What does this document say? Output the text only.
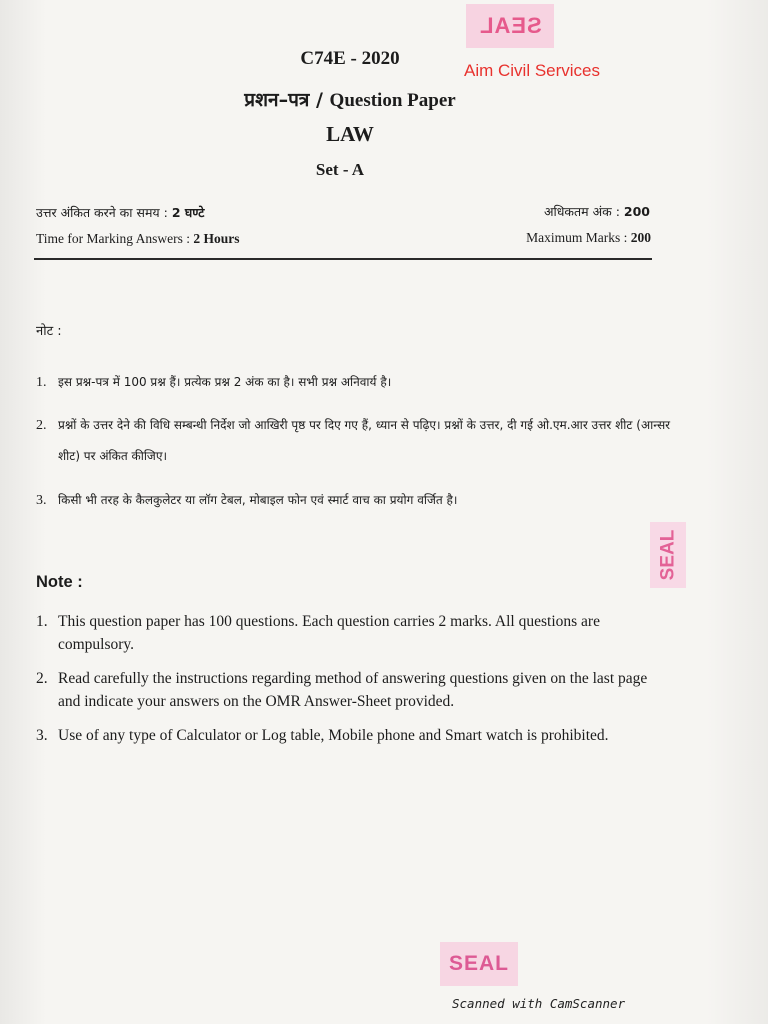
SEAL
C74E - 2020
Aim Civil Services
प्रशन–पत्र / Question Paper
LAW
Set - A
उत्तर अंकित करने का समय : 2 घण्टे
Time for Marking Answers : 2 Hours
अधिकतम अंक : 200
Maximum Marks : 200
नोट :
1. इस प्रश्न-पत्र में 100 प्रश्न हैं। प्रत्येक प्रश्न 2 अंक का है। सभी प्रश्न अनिवार्य है।
2. प्रश्नों के उत्तर देने की विधि सम्बन्धी निर्देश जो आखिरी पृष्ठ पर दिए गए हैं, ध्यान से पढ़िए। प्रश्नों के उत्तर, दी गई ओ.एम.आर उत्तर शीट (आन्सर शीट) पर अंकित कीजिए।
3. किसी भी तरह के कैलकुलेटर या लॉग टेबल, मोबाइल फोन एवं स्मार्ट वाच का प्रयोग वर्जित है।
SEAL
Note :
1. This question paper has 100 questions. Each question carries 2 marks. All questions are compulsory.
2. Read carefully the instructions regarding method of answering questions given on the last page and indicate your answers on the OMR Answer-Sheet provided.
3. Use of any type of Calculator or Log table, Mobile phone and Smart watch is prohibited.
SEAL
Scanned with CamScanner
